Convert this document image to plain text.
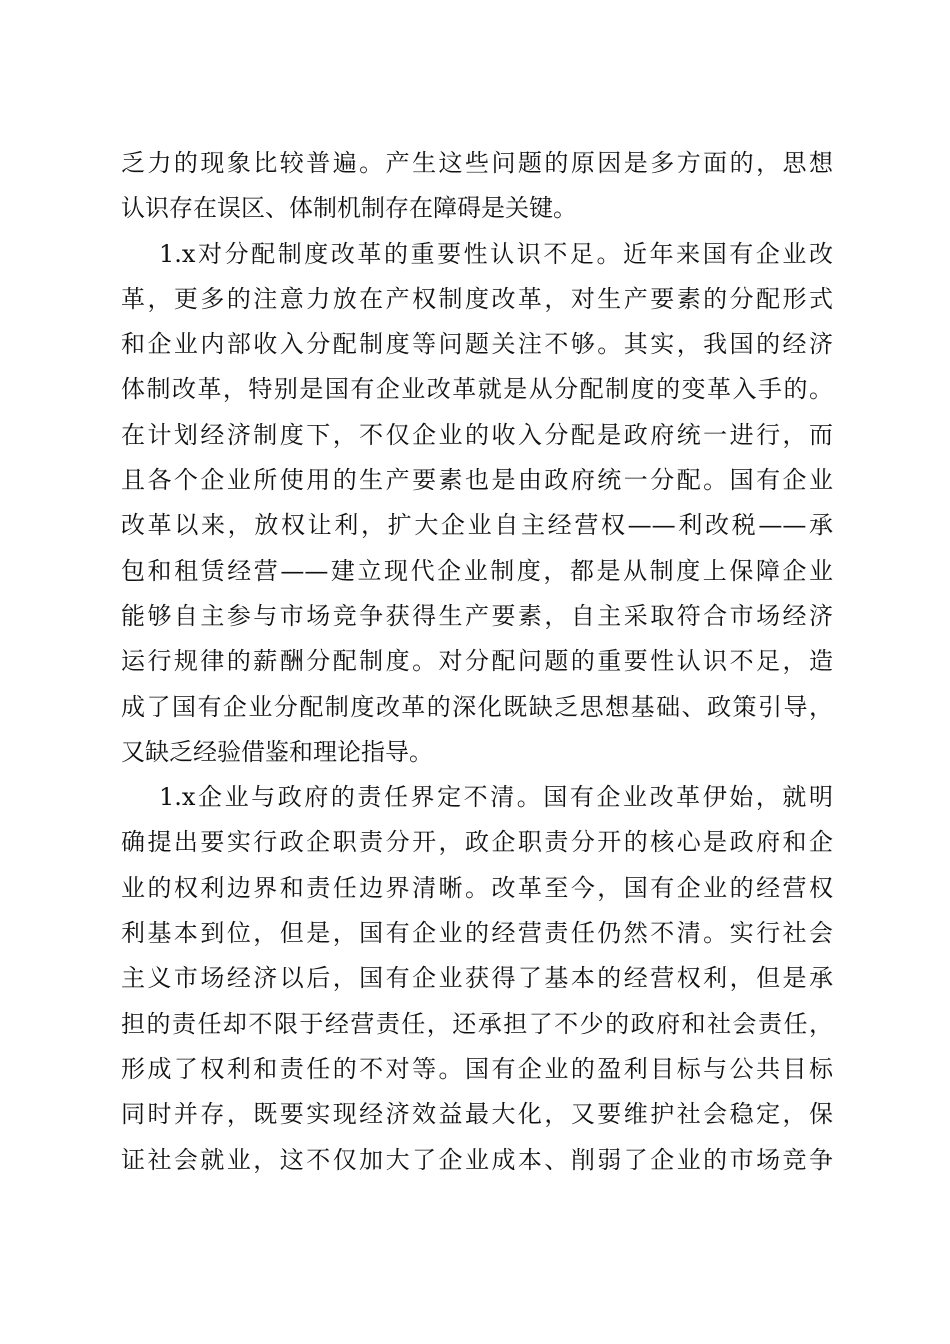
乏力的现象比较普遍。产生这些问题的原因是多方面的，思想
认识存在误区、体制机制存在障碍是关键。
1.x对分配制度改革的重要性认识不足。近年来国有企业改
革，更多的注意力放在产权制度改革，对生产要素的分配形式
和企业内部收入分配制度等问题关注不够。其实，我国的经济
体制改革，特别是国有企业改革就是从分配制度的变革入手的。
在计划经济制度下，不仅企业的收入分配是政府统一进行，而
且各个企业所使用的生产要素也是由政府统一分配。国有企业
改革以来，放权让利，扩大企业自主经营权——利改税——承
包和租赁经营——建立现代企业制度，都是从制度上保障企业
能够自主参与市场竞争获得生产要素，自主采取符合市场经济
运行规律的薪酬分配制度。对分配问题的重要性认识不足，造
成了国有企业分配制度改革的深化既缺乏思想基础、政策引导，
又缺乏经验借鉴和理论指导。
1.x企业与政府的责任界定不清。国有企业改革伊始，就明
确提出要实行政企职责分开，政企职责分开的核心是政府和企
业的权利边界和责任边界清晰。改革至今，国有企业的经营权
利基本到位，但是，国有企业的经营责任仍然不清。实行社会
主义市场经济以后，国有企业获得了基本的经营权利，但是承
担的责任却不限于经营责任，还承担了不少的政府和社会责任，
形成了权利和责任的不对等。国有企业的盈利目标与公共目标
同时并存，既要实现经济效益最大化，又要维护社会稳定，保
证社会就业，这不仅加大了企业成本、削弱了企业的市场竞争
